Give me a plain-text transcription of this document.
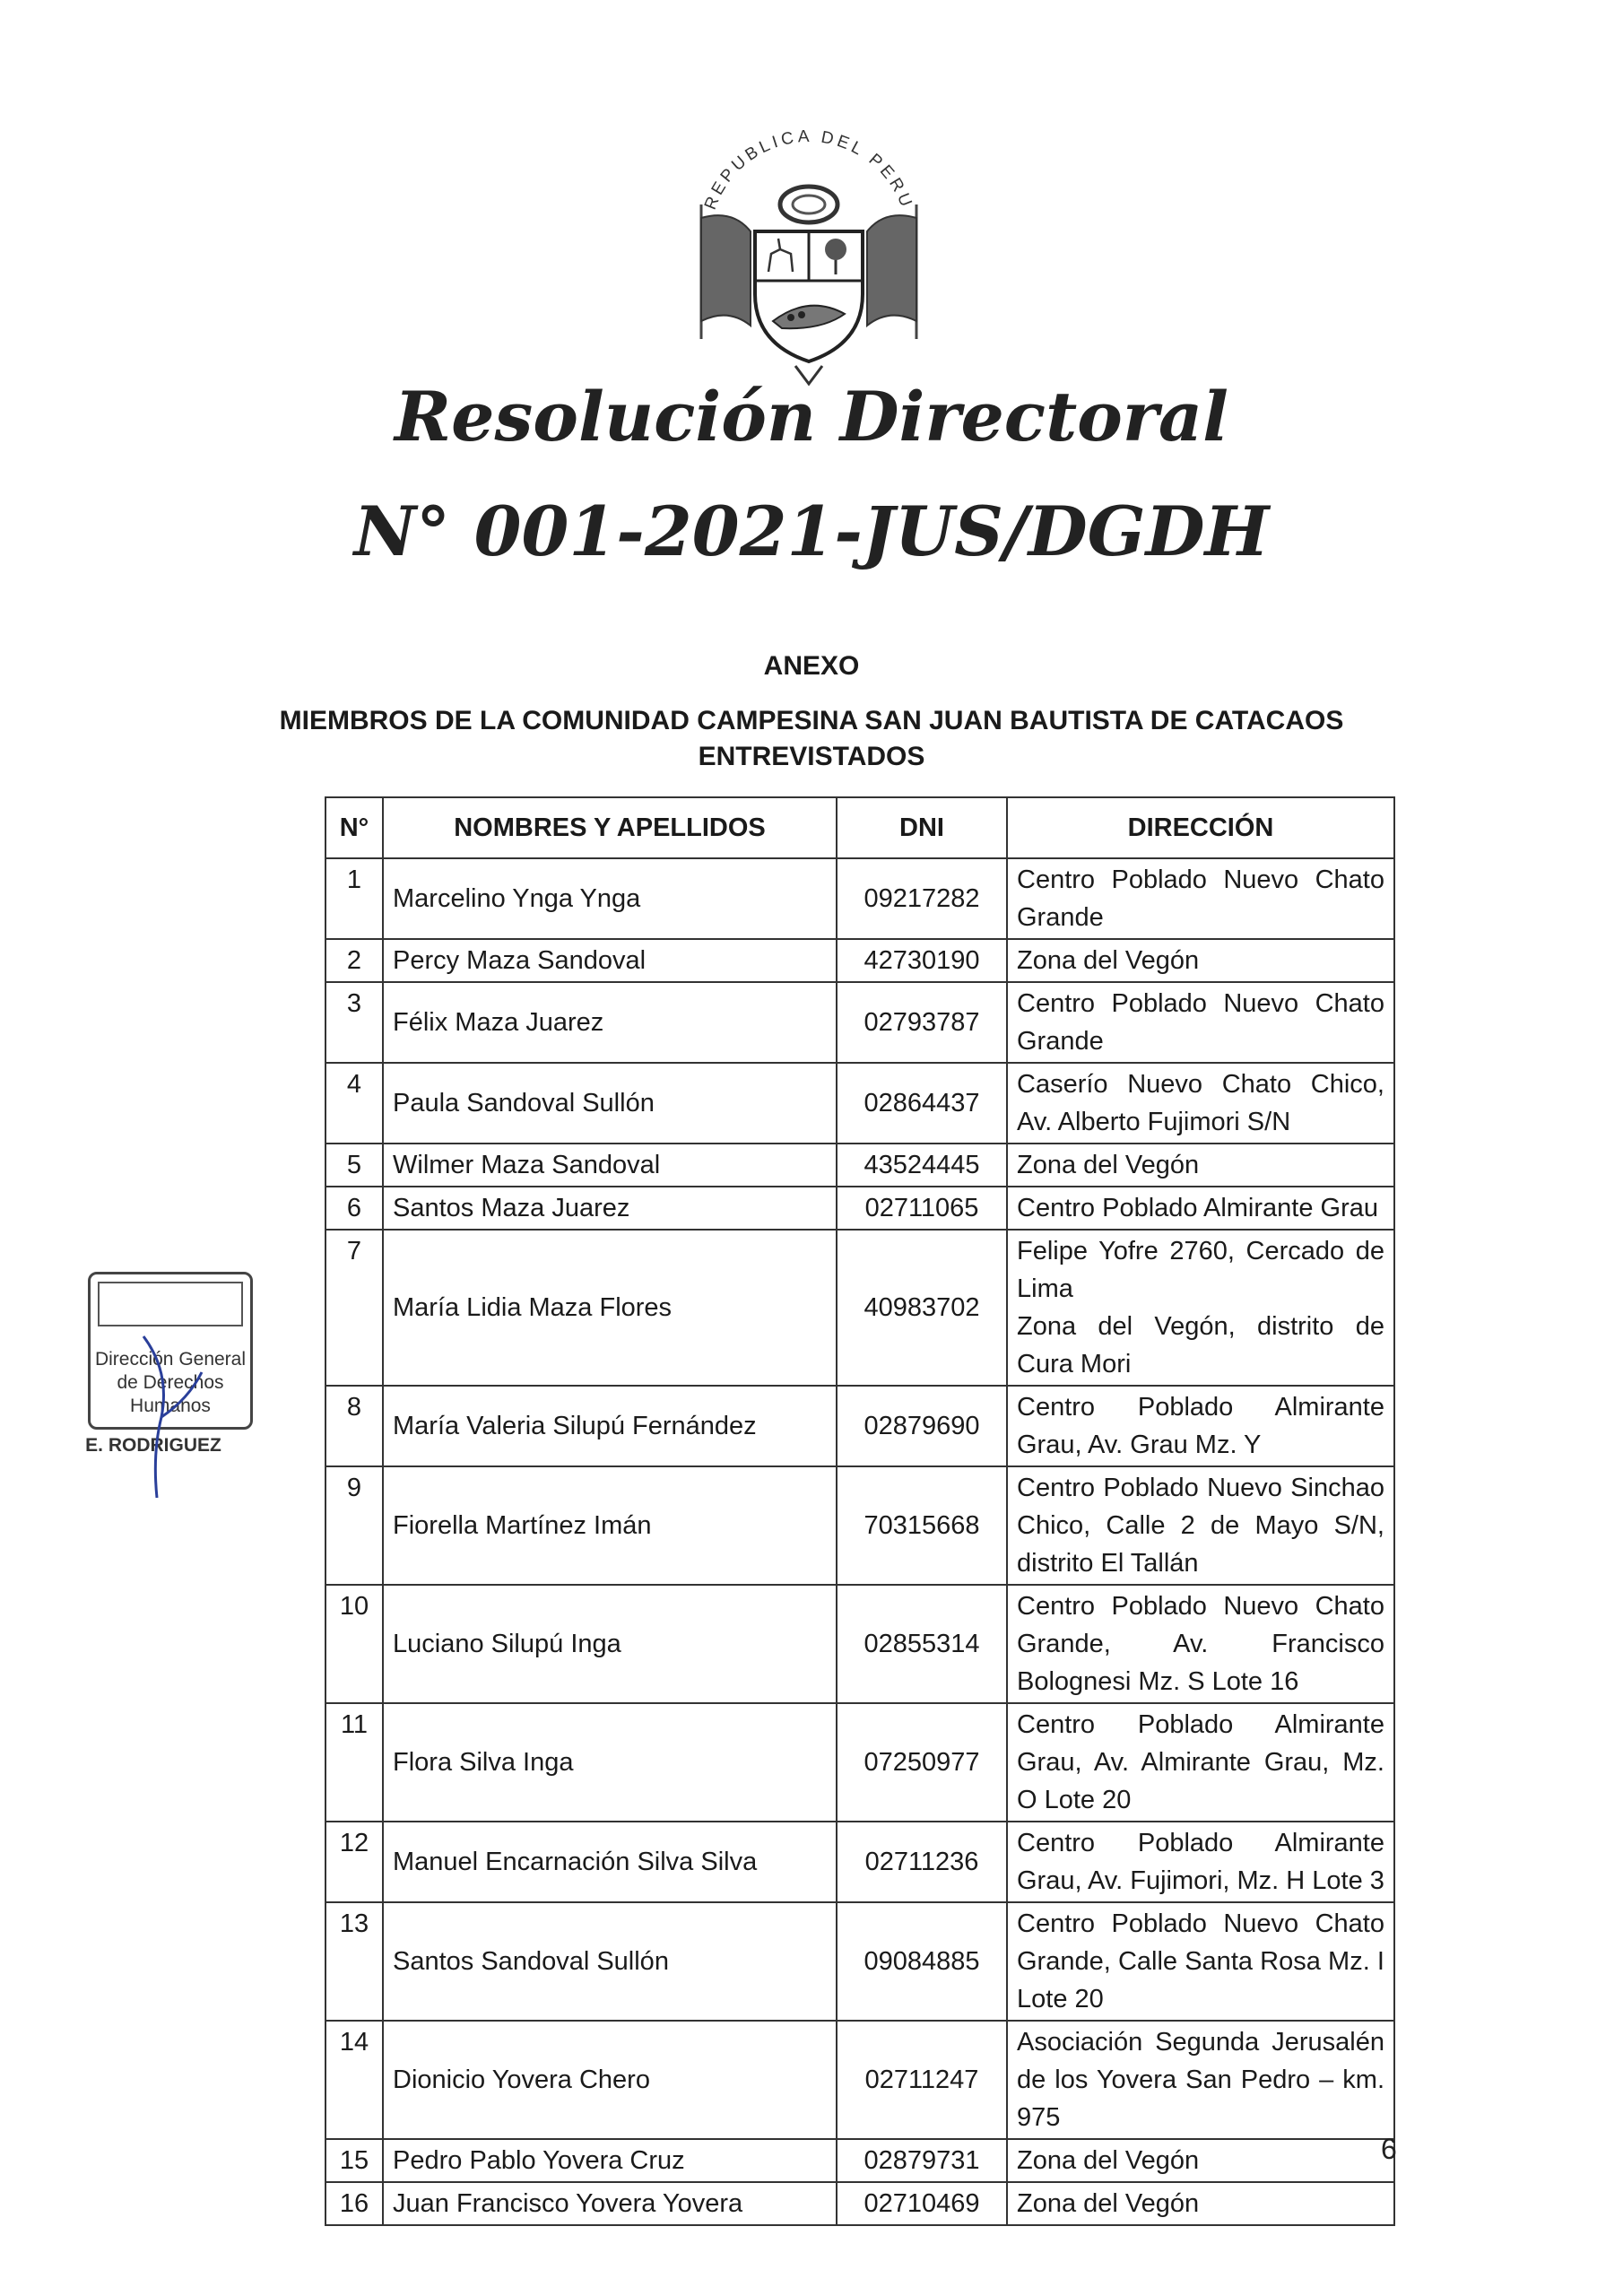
REPUBLICA DEL PERU
Resolución Directoral
N° 001-2021-JUS/DGDH
ANEXO
MIEMBROS DE LA COMUNIDAD CAMPESINA SAN JUAN BAUTISTA DE CATACAOS ENTREVISTADOS
N°	NOMBRES Y APELLIDOS	DNI	DIRECCIÓN
1	Marcelino Ynga Ynga	09217282	Centro Poblado Nuevo Chato Grande

2	Percy Maza Sandoval	42730190	Zona del Vegón

3	Félix Maza Juarez	02793787	Centro Poblado Nuevo Chato Grande

4	Paula Sandoval Sullón	02864437	Caserío Nuevo Chato Chico, Av. Alberto Fujimori S/N

5	Wilmer Maza Sandoval	43524445	Zona del Vegón

6	Santos Maza Juarez	02711065	Centro Poblado Almirante Grau

7	María Lidia Maza Flores	40983702	Felipe Yofre 2760, Cercado de Lima
Zona del Vegón, distrito de Cura Mori

8	María Valeria Silupú Fernández	02879690	Centro Poblado Almirante Grau, Av. Grau Mz. Y

9	Fiorella Martínez Imán	70315668	Centro Poblado Nuevo Sinchao Chico, Calle 2 de Mayo S/N, distrito El Tallán

10	Luciano Silupú Inga	02855314	Centro Poblado Nuevo Chato Grande, Av. Francisco Bolognesi Mz. S Lote 16

11	Flora Silva Inga	07250977	Centro Poblado Almirante Grau, Av. Almirante Grau, Mz. O Lote 20

12	Manuel Encarnación Silva Silva	02711236	Centro Poblado Almirante Grau, Av. Fujimori, Mz. H Lote 3

13	Santos Sandoval Sullón	09084885	Centro Poblado Nuevo Chato Grande, Calle Santa Rosa Mz. I Lote 20

14	Dionicio Yovera Chero	02711247	Asociación Segunda Jerusalén de los Yovera San Pedro – km. 975

15	Pedro Pablo Yovera Cruz	02879731	Zona del Vegón

16	Juan Francisco Yovera Yovera	02710469	Zona del Vegón
Dirección General
de Derechos
Humanos
E. RODRIGUEZ
6
